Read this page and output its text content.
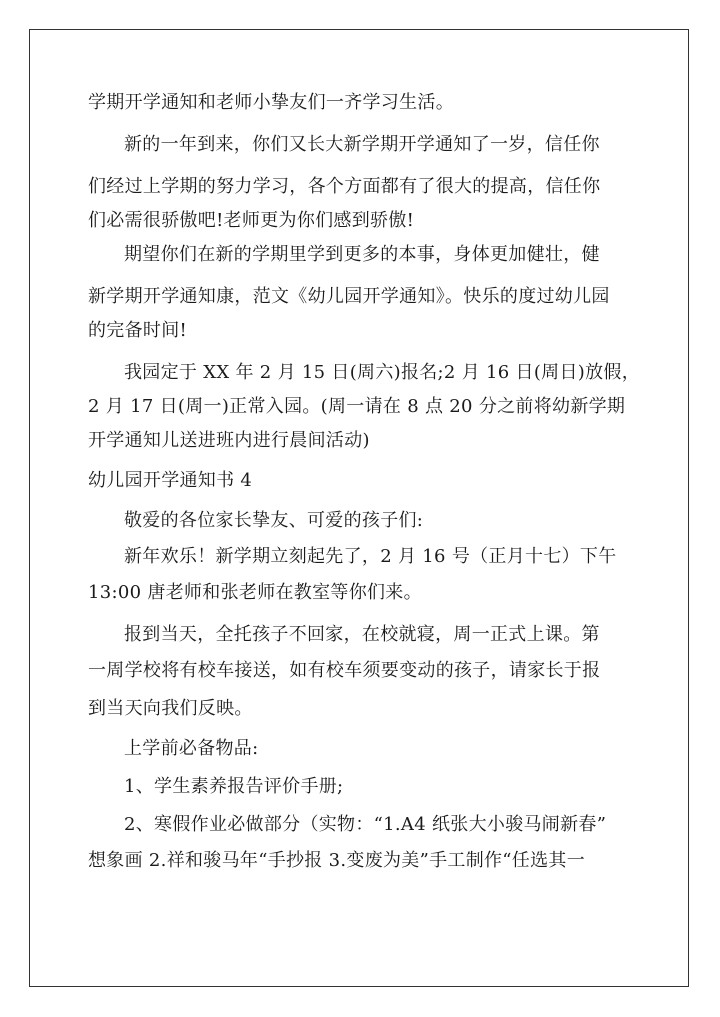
学期开学通知和老师小挚友们一齐学习生活。
新的一年到来，你们又长大新学期开学通知了一岁，信任你
们经过上学期的努力学习，各个方面都有了很大的提高，信任你
们必需很骄傲吧!老师更为你们感到骄傲!
期望你们在新的学期里学到更多的本事，身体更加健壮，健
新学期开学通知康，范文《幼儿园开学通知》。快乐的度过幼儿园
的完备时间!
我园定于 XX 年 2 月 15 日(周六)报名;2 月 16 日(周日)放假，
2 月 17 日(周一)正常入园。(周一请在 8 点 20 分之前将幼新学期
开学通知儿送进班内进行晨间活动)
幼儿园开学通知书 4
敬爱的各位家长挚友、可爱的孩子们:
新年欢乐！新学期立刻起先了，2 月 16 号（正月十七）下午
13:00 唐老师和张老师在教室等你们来。
报到当天，全托孩子不回家，在校就寝，周一正式上课。第
一周学校将有校车接送，如有校车须要变动的孩子，请家长于报
到当天向我们反映。
上学前必备物品:
1、学生素养报告评价手册;
2、寒假作业必做部分（实物：“1.A4 纸张大小骏马闹新春”
想象画 2.祥和骏马年“手抄报 3.变废为美”手工制作“任选其一
